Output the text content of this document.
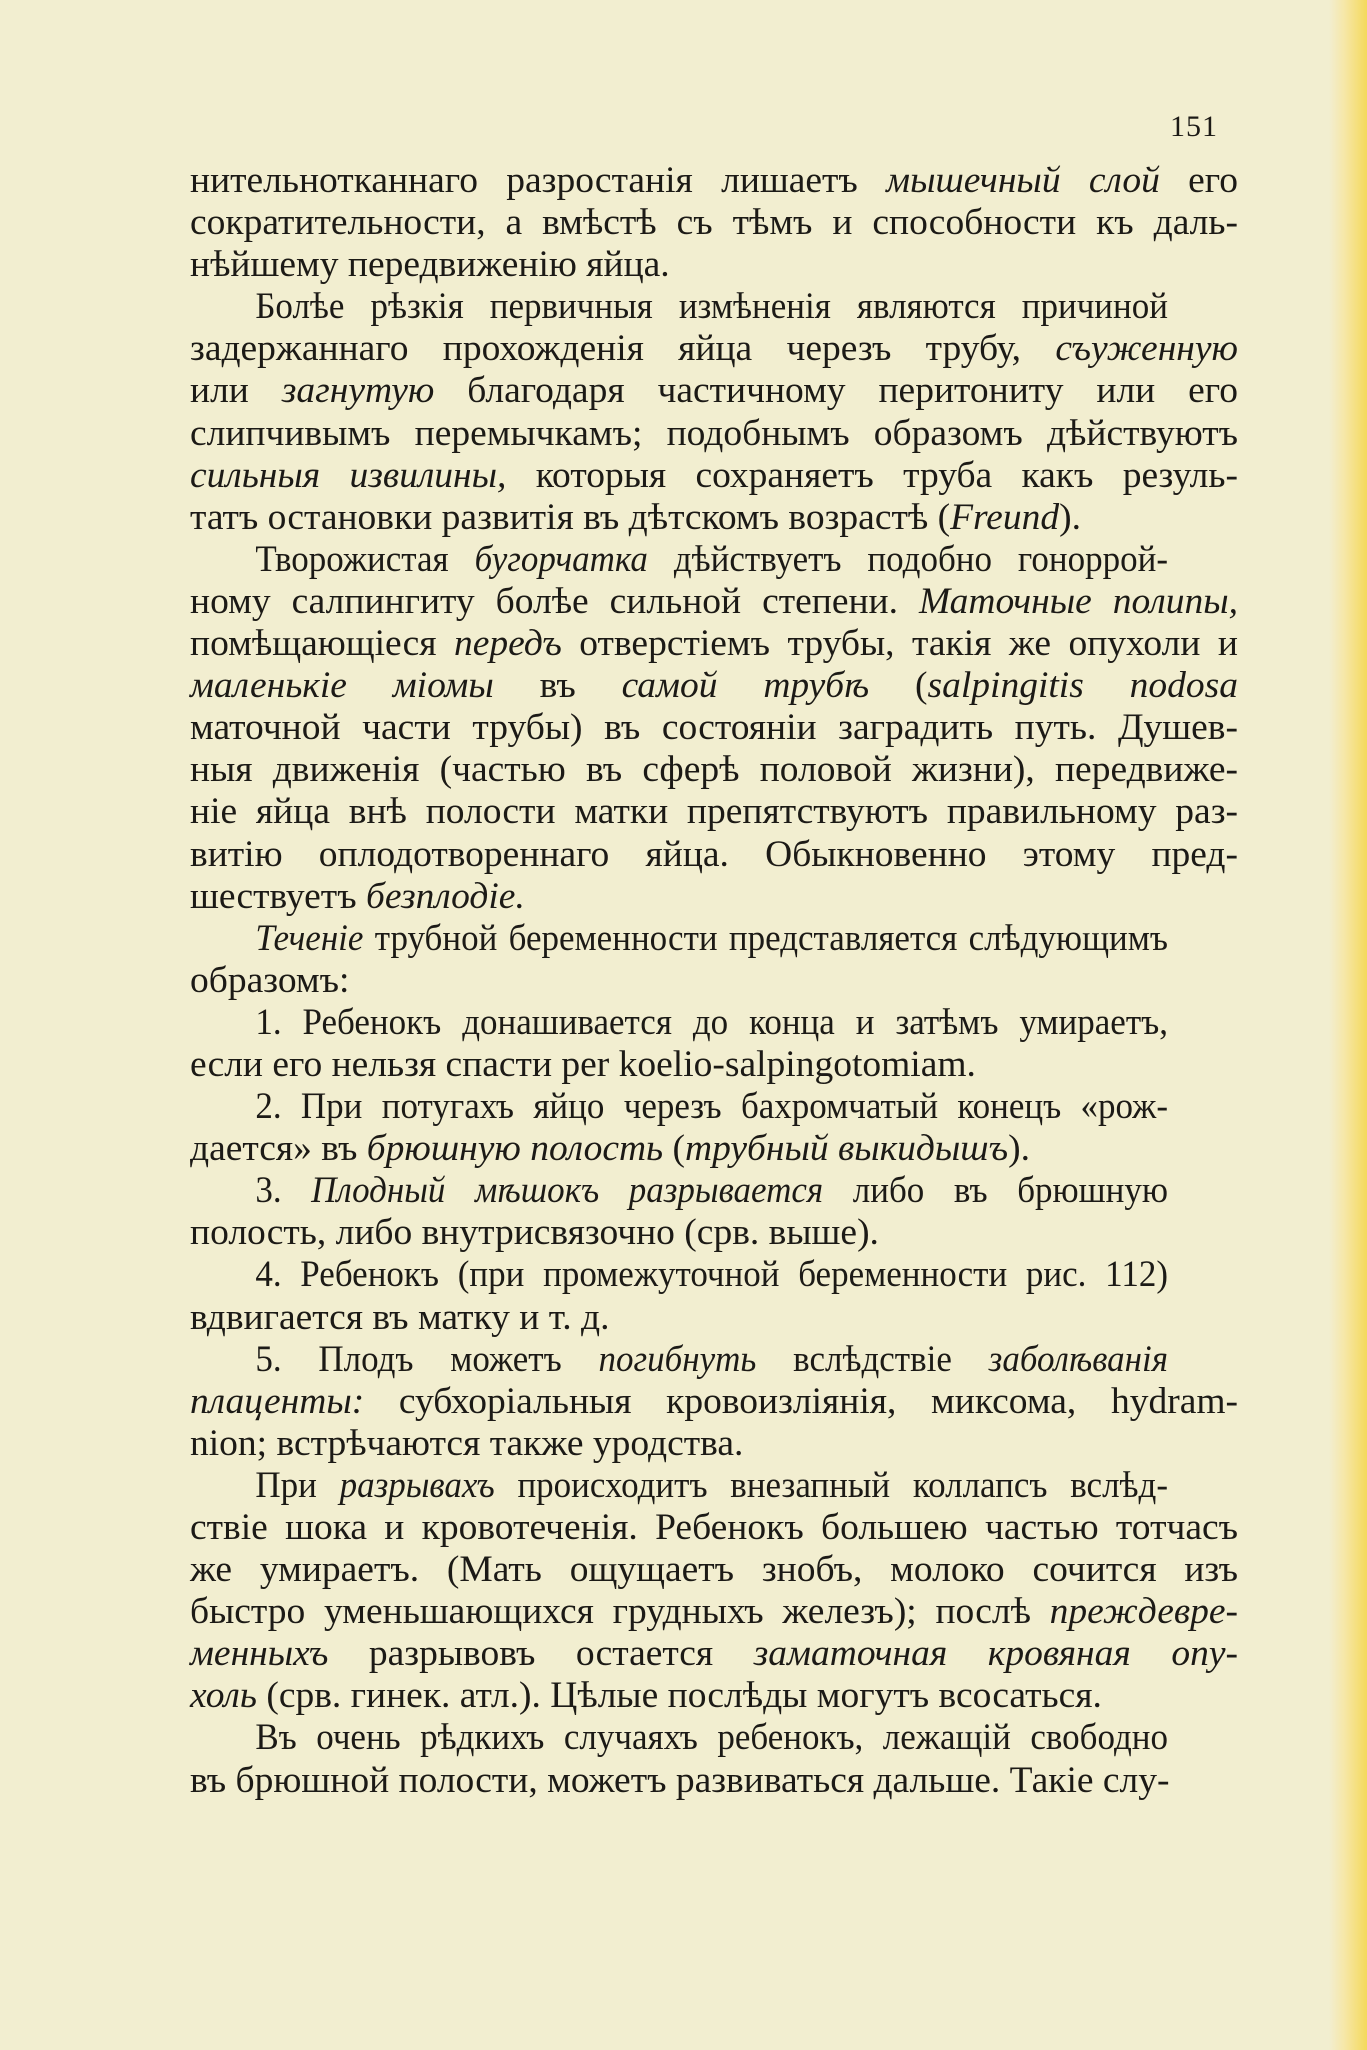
151
нительнотканнаго разростанія лишаетъ мышечный слой его
сократительности, а вмѣстѣ съ тѣмъ и способности къ даль-
нѣйшему передвиженію яйца.
Болѣе рѣзкія первичныя измѣненія являются причиной
задержаннаго прохожденія яйца черезъ трубу, съуженную
или загнутую благодаря частичному перитониту или его
слипчивымъ перемычкамъ; подобнымъ образомъ дѣйствуютъ
сильныя извилины, которыя сохраняетъ труба какъ резуль-
татъ остановки развитія въ дѣтскомъ возрастѣ (Freund).
Творожистая бугорчатка дѣйствуетъ подобно гоноррой-
ному салпингиту болѣе сильной степени. Маточные полипы,
помѣщающіеся передъ отверстіемъ трубы, такія же опухоли и
маленькіе міомы въ самой трубѣ (salpingitis nodosa
маточной части трубы) въ состояніи заградить путь. Душев-
ныя движенія (частью въ сферѣ половой жизни), передвиже-
ніе яйца внѣ полости матки препятствуютъ правильному раз-
витію оплодотвореннаго яйца. Обыкновенно этому пред-
шествуетъ безплодіе.
Теченіе трубной беременности представляется слѣдующимъ
образомъ:
1. Ребенокъ донашивается до конца и затѣмъ умираетъ,
если его нельзя спасти per koelio-salpingotomiam.
2. При потугахъ яйцо черезъ бахромчатый конецъ «рож-
дается» въ брюшную полость (трубный выкидышъ).
3. Плодный мѣшокъ разрывается либо въ брюшную
полость, либо внутрисвязочно (срв. выше).
4. Ребенокъ (при промежуточной беременности рис. 112)
вдвигается въ матку и т. д.
5. Плодъ можетъ погибнуть вслѣдствіе заболѣванія
плаценты: субхоріальныя кровоизліянія, миксома, hydram-
nion; встрѣчаются также уродства.
При разрывахъ происходитъ внезапный коллапсъ вслѣд-
ствіе шока и кровотеченія. Ребенокъ большею частью тотчасъ
же умираетъ. (Мать ощущаетъ знобъ, молоко сочится изъ
быстро уменьшающихся грудныхъ железъ); послѣ преждевре-
менныхъ разрывовъ остается заматочная кровяная опу-
холь (срв. гинек. атл.). Цѣлые послѣды могутъ всосаться.
Въ очень рѣдкихъ случаяхъ ребенокъ, лежащій свободно
въ брюшной полости, можетъ развиваться дальше. Такіе слу-
